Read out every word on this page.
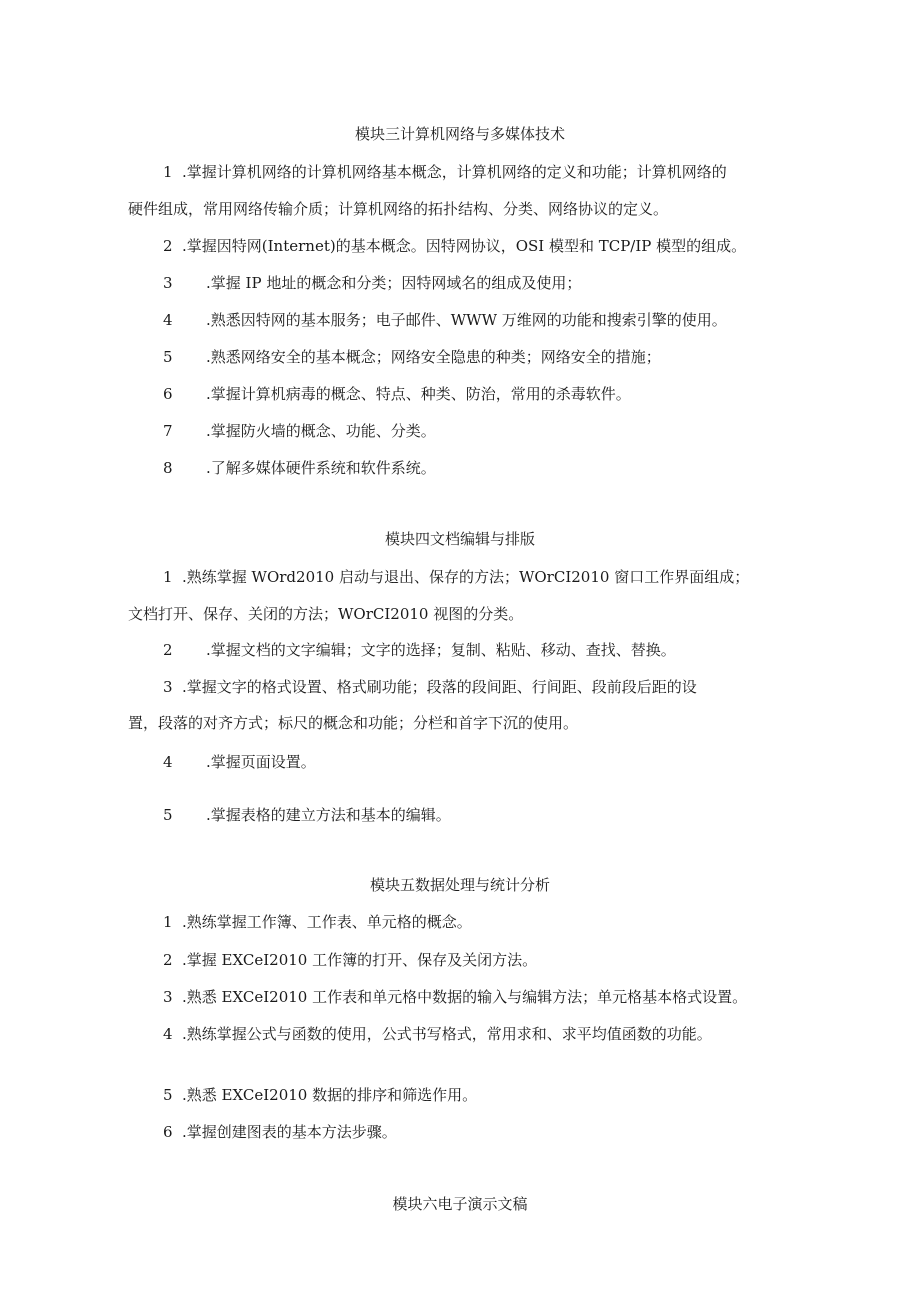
模块三计算机网络与多媒体技术
1 .掌握计算机网络的计算机网络基本概念，计算机网络的定义和功能；计算机网络的
硬件组成，常用网络传输介质；计算机网络的拓扑结构、分类、网络协议的定义。
2 .掌握因特网(Internet)的基本概念。因特网协议，OSI 模型和 TCP/IP 模型的组成。
3 .掌握 IP 地址的概念和分类；因特网域名的组成及使用；
4 .熟悉因特网的基本服务；电子邮件、WWW 万维网的功能和搜索引擎的使用。
5 .熟悉网络安全的基本概念；网络安全隐患的种类；网络安全的措施；
6 .掌握计算机病毒的概念、特点、种类、防治，常用的杀毒软件。
7 .掌握防火墙的概念、功能、分类。
8 .了解多媒体硬件系统和软件系统。
模块四文档编辑与排版
1 .熟练掌握 WOrd2010 启动与退出、保存的方法；WOrCI2010 窗口工作界面组成；
文档打开、保存、关闭的方法；WOrCI2010 视图的分类。
2 .掌握文档的文字编辑；文字的选择；复制、粘贴、移动、查找、替换。
3 .掌握文字的格式设置、格式刷功能；段落的段间距、行间距、段前段后距的设
置，段落的对齐方式；标尺的概念和功能；分栏和首字下沉的使用。
4 .掌握页面设置。
5 .掌握表格的建立方法和基本的编辑。
模块五数据处理与统计分析
1 .熟练掌握工作簿、工作表、单元格的概念。
2 .掌握 EXCeI2010 工作簿的打开、保存及关闭方法。
3 .熟悉 EXCeI2010 工作表和单元格中数据的输入与编辑方法；单元格基本格式设置。
4 .熟练掌握公式与函数的使用，公式书写格式，常用求和、求平均值函数的功能。
5 .熟悉 EXCeI2010 数据的排序和筛选作用。
6 .掌握创建图表的基本方法步骤。
模块六电子演示文稿
